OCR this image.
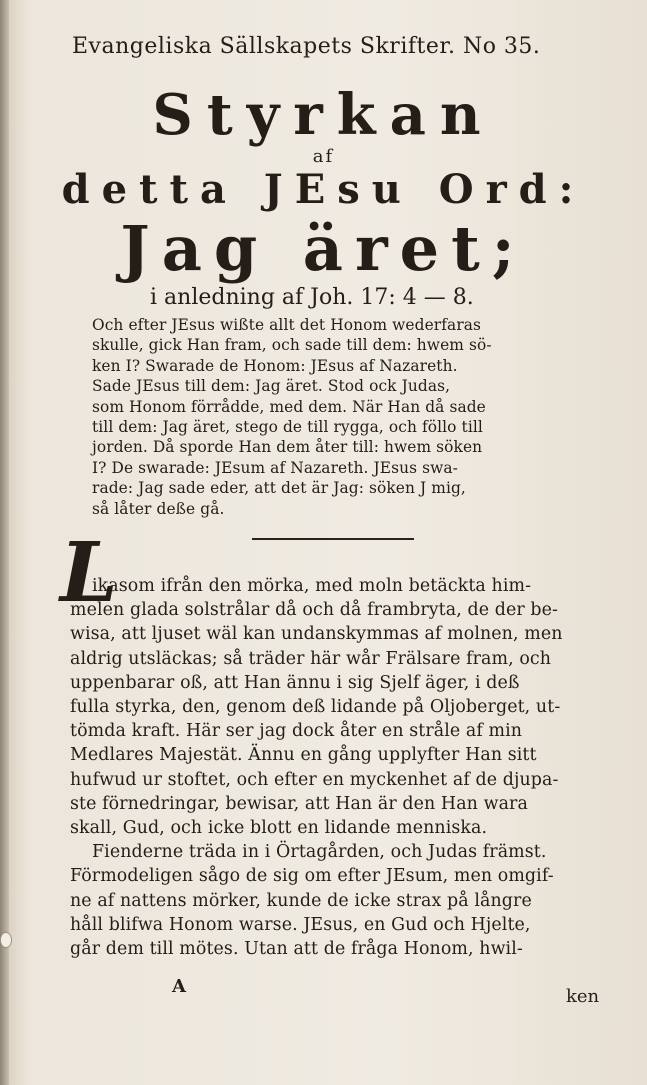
Evangeliska Sällskapets Skrifter. No 35.
Styrkan
af
detta JEsu Ord:
Jag äret;
i anledning af Joh. 17: 4 — 8.
Och efter JEsus wißte allt det Honom wederfaras
skulle, gick Han fram, och sade till dem: hwem sö-
ken I? Swarade de Honom: JEsus af Nazareth.
Sade JEsus till dem: Jag äret. Stod ock Judas,
som Honom förrådde, med dem. När Han då sade
till dem: Jag äret, stego de till rygga, och föllo till
jorden. Då sporde Han dem åter till: hwem söken
I? De swarade: JEsum af Nazareth. JEsus swa-
rade: Jag sade eder, att det är Jag: söken J mig,
så låter deße gå.
L
ikasom ifrån den mörka, med moln betäckta him-
melen glada solstrålar då och då frambryta, de der be-
wisa, att ljuset wäl kan undanskymmas af molnen, men
aldrig utsläckas; så träder här wår Frälsare fram, och
uppenbarar oß, att Han ännu i sig Sjelf äger, i deß
fulla styrka, den, genom deß lidande på Oljoberget, ut-
tömda kraft. Här ser jag dock åter en stråle af min
Medlares Majestät. Ännu en gång upplyfter Han sitt
hufwud ur stoftet, och efter en myckenhet af de djupa-
ste förnedringar, bewisar, att Han är den Han wara
skall, Gud, och icke blott en lidande menniska.
Fienderne träda in i Örtagården, och Judas främst.
Förmodeligen sågo de sig om efter JEsum, men omgif-
ne af nattens mörker, kunde de icke strax på långre
håll blifwa Honom warse. JEsus, en Gud och Hjelte,
går dem till mötes. Utan att de fråga Honom, hwil-
A	ken
